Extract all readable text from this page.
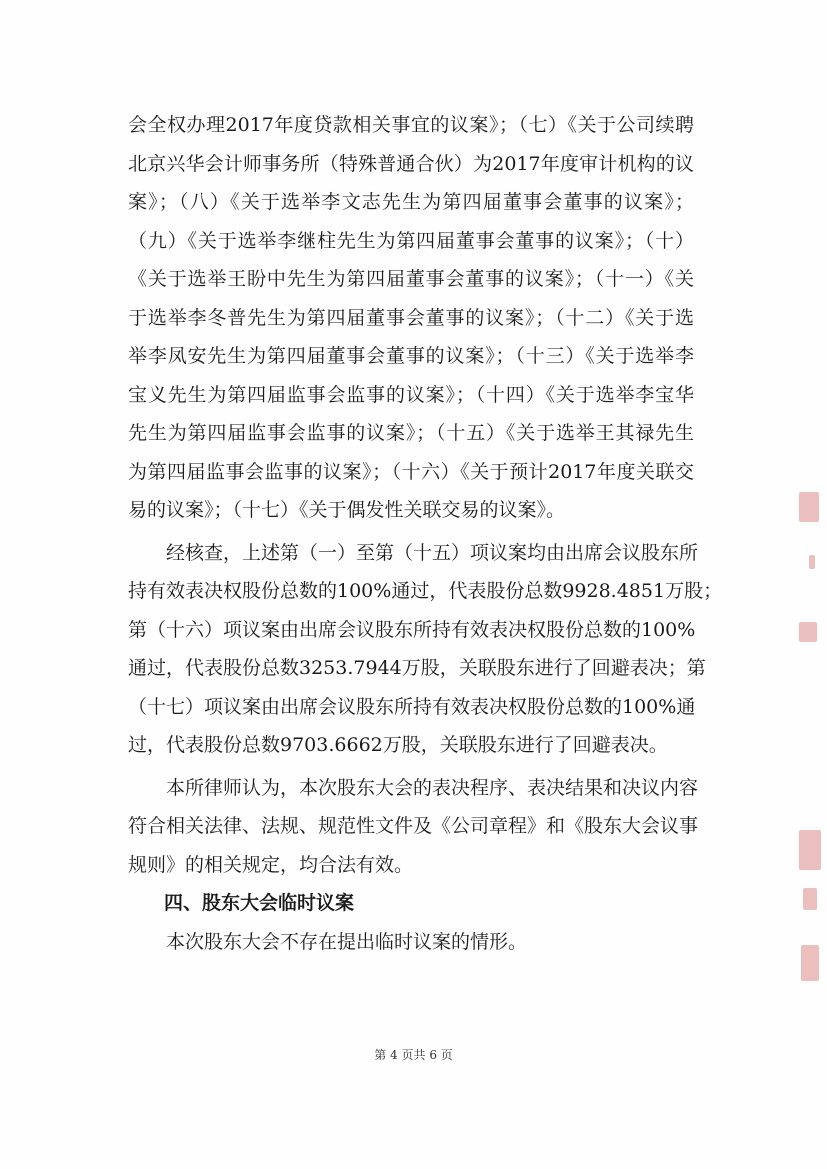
会全权办理2017年度贷款相关事宜的议案》；（七）《关于公司续聘
北京兴华会计师事务所（特殊普通合伙）为2017年度审计机构的议
案》；（八）《关于选举李文志先生为第四届董事会董事的议案》；
（九）《关于选举李继柱先生为第四届董事会董事的议案》；（十）
《关于选举王盼中先生为第四届董事会董事的议案》；（十一）《关
于选举李冬普先生为第四届董事会董事的议案》；（十二）《关于选
举李凤安先生为第四届董事会董事的议案》；（十三）《关于选举李
宝义先生为第四届监事会监事的议案》；（十四）《关于选举李宝华
先生为第四届监事会监事的议案》；（十五）《关于选举王其禄先生
为第四届监事会监事的议案》；（十六）《关于预计2017年度关联交
易的议案》；（十七）《关于偶发性关联交易的议案》。
经核查，上述第（一）至第（十五）项议案均由出席会议股东所
持有效表决权股份总数的100%通过，代表股份总数9928.4851万股；
第（十六）项议案由出席会议股东所持有效表决权股份总数的100%
通过，代表股份总数3253.7944万股，关联股东进行了回避表决；第
（十七）项议案由出席会议股东所持有效表决权股份总数的100%通
过，代表股份总数9703.6662万股，关联股东进行了回避表决。
本所律师认为，本次股东大会的表决程序、表决结果和决议内容
符合相关法律、法规、规范性文件及《公司章程》和《股东大会议事
规则》的相关规定，均合法有效。
四、股东大会临时议案
本次股东大会不存在提出临时议案的情形。
第 4 页共 6 页
